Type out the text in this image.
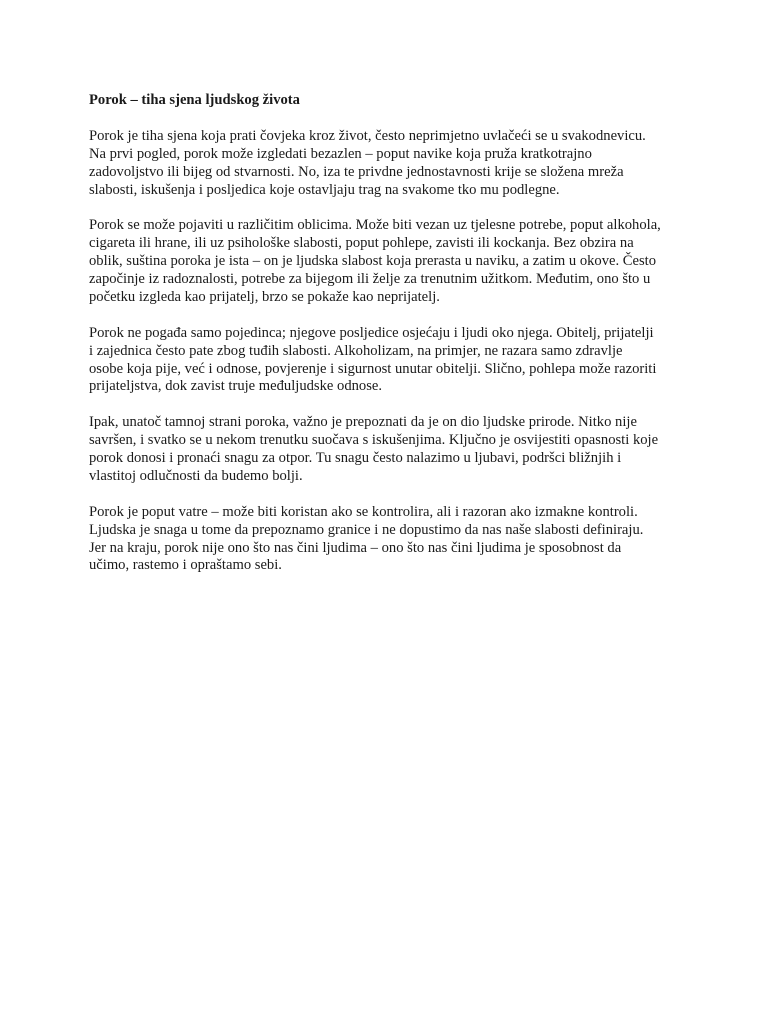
Porok – tiha sjena ljudskog života
Porok je tiha sjena koja prati čovjeka kroz život, često neprimjetno uvlačeći se u svakodnevicu.
Na prvi pogled, porok može izgledati bezazlen – poput navike koja pruža kratkotrajno
zadovoljstvo ili bijeg od stvarnosti. No, iza te privdne jednostavnosti krije se složena mreža
slabosti, iskušenja i posljedica koje ostavljaju trag na svakome tko mu podlegne.
Porok se može pojaviti u različitim oblicima. Može biti vezan uz tjelesne potrebe, poput alkohola,
cigareta ili hrane, ili uz psihološke slabosti, poput pohlepe, zavisti ili kockanja. Bez obzira na
oblik, suština poroka je ista – on je ljudska slabost koja prerasta u naviku, a zatim u okove. Često
započinje iz radoznalosti, potrebe za bijegom ili želje za trenutnim užitkom. Međutim, ono što u
početku izgleda kao prijatelj, brzo se pokaže kao neprijatelj.
Porok ne pogađa samo pojedinca; njegove posljedice osjećaju i ljudi oko njega. Obitelj, prijatelji
i zajednica često pate zbog tuđih slabosti. Alkoholizam, na primjer, ne razara samo zdravlje
osobe koja pije, već i odnose, povjerenje i sigurnost unutar obitelji. Slično, pohlepa može razoriti
prijateljstva, dok zavist truje međuljudske odnose.
Ipak, unatoč tamnoj strani poroka, važno je prepoznati da je on dio ljudske prirode. Nitko nije
savršen, i svatko se u nekom trenutku suočava s iskušenjima. Ključno je osvijestiti opasnosti koje
porok donosi i pronaći snagu za otpor. Tu snagu često nalazimo u ljubavi, podršci bližnjih i
vlastitoj odlučnosti da budemo bolji.
Porok je poput vatre – može biti koristan ako se kontrolira, ali i razoran ako izmakne kontroli.
Ljudska je snaga u tome da prepoznamo granice i ne dopustimo da nas naše slabosti definiraju.
Jer na kraju, porok nije ono što nas čini ljudima – ono što nas čini ljudima je sposobnost da
učimo, rastemo i opraštamo sebi.
